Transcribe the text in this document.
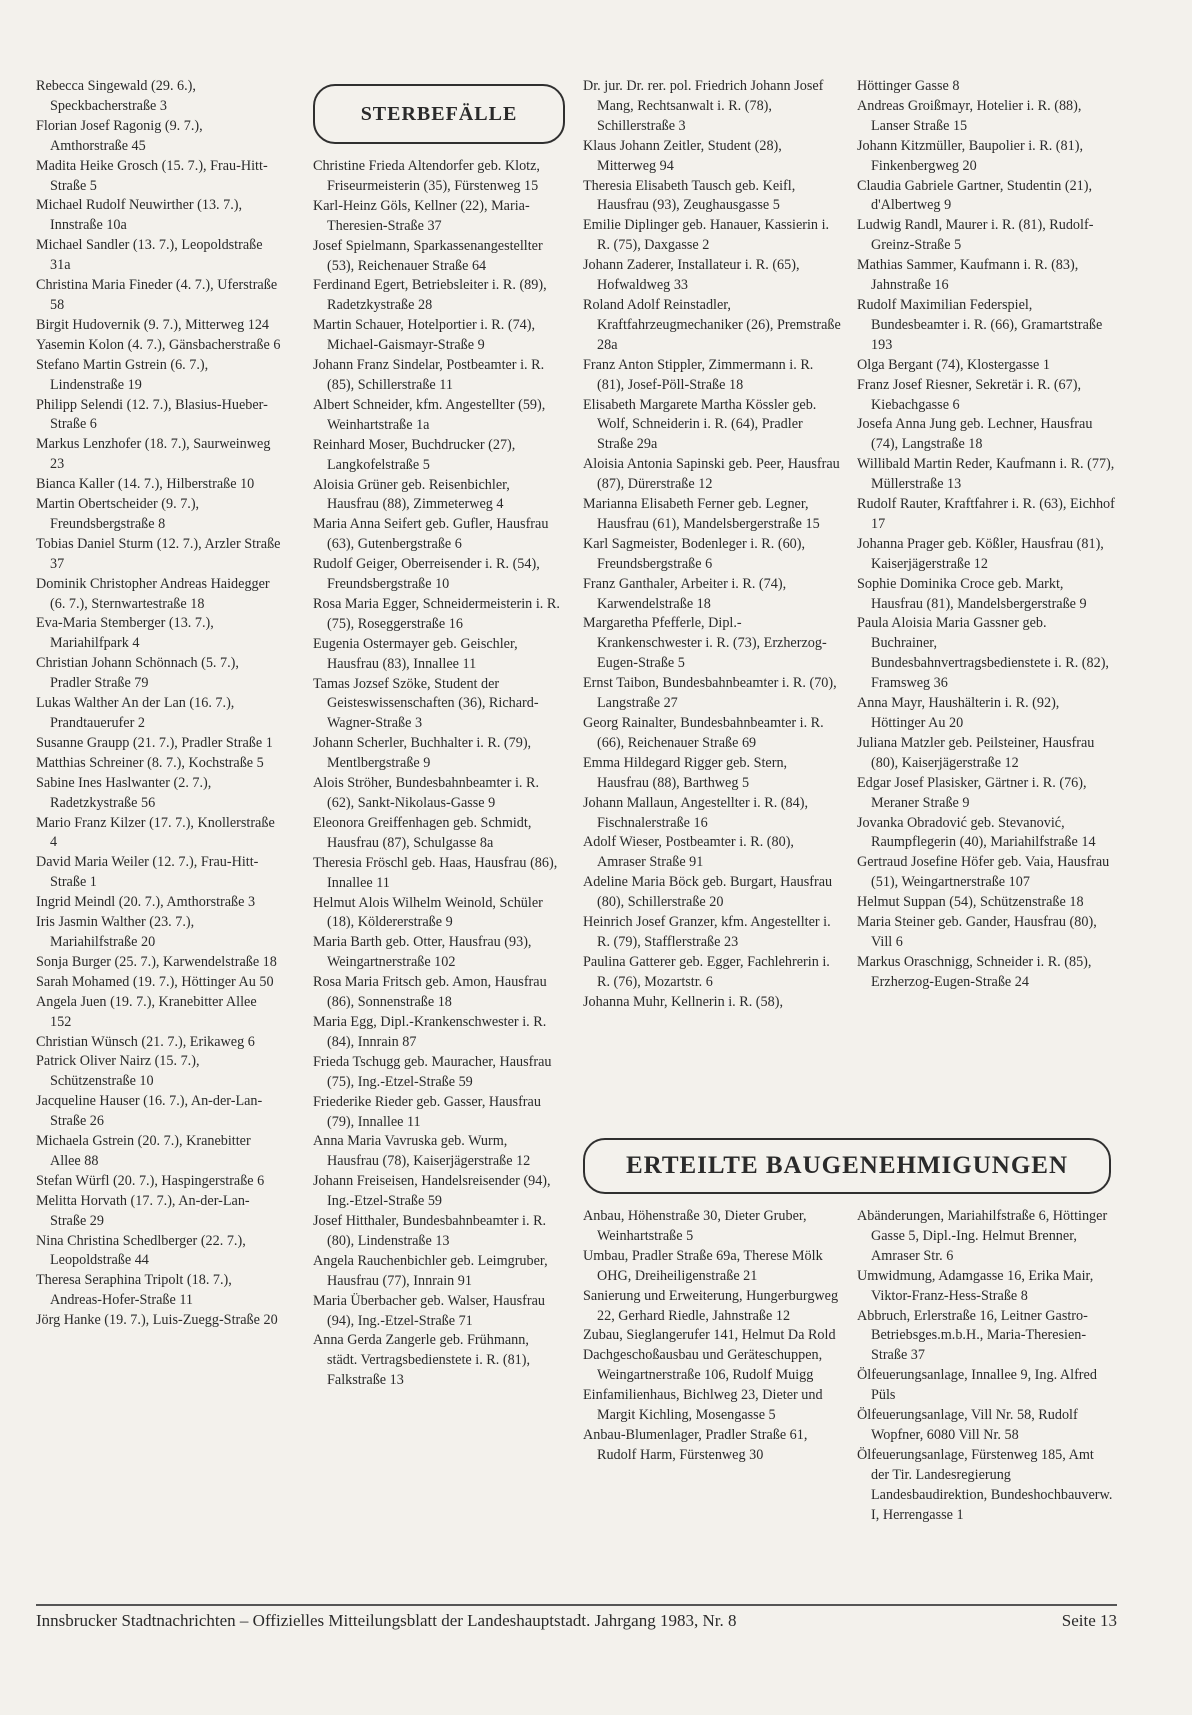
Rebecca Singewald (29. 6.), Speckbacherstraße 3

Florian Josef Ragonig (9. 7.), Amthorstraße 45

Madita Heike Grosch (15. 7.), Frau-Hitt-Straße 5

Michael Rudolf Neuwirther (13. 7.), Innstraße 10a

Michael Sandler (13. 7.), Leopoldstraße 31a

Christina Maria Fineder (4. 7.), Uferstraße 58

Birgit Hudovernik (9. 7.), Mitterweg 124

Yasemin Kolon (4. 7.), Gänsbacherstraße 6

Stefano Martin Gstrein (6. 7.), Lindenstraße 19

Philipp Selendi (12. 7.), Blasius-Hueber-Straße 6

Markus Lenzhofer (18. 7.), Saurweinweg 23

Bianca Kaller (14. 7.), Hilberstraße 10

Martin Obertscheider (9. 7.), Freundsbergstraße 8

Tobias Daniel Sturm (12. 7.), Arzler Straße 37

Dominik Christopher Andreas Haidegger (6. 7.), Sternwartestraße 18

Eva-Maria Stemberger (13. 7.), Mariahilfpark 4

Christian Johann Schönnach (5. 7.), Pradler Straße 79

Lukas Walther An der Lan (16. 7.), Prandtauerufer 2

Susanne Graupp (21. 7.), Pradler Straße 1

Matthias Schreiner (8. 7.), Kochstraße 5

Sabine Ines Haslwanter (2. 7.), Radetzkystraße 56

Mario Franz Kilzer (17. 7.), Knollerstraße 4

David Maria Weiler (12. 7.), Frau-Hitt-Straße 1

Ingrid Meindl (20. 7.), Amthorstraße 3

Iris Jasmin Walther (23. 7.), Mariahilfstraße 20

Sonja Burger (25. 7.), Karwendelstraße 18

Sarah Mohamed (19. 7.), Höttinger Au 50

Angela Juen (19. 7.), Kranebitter Allee 152

Christian Wünsch (21. 7.), Erikaweg 6

Patrick Oliver Nairz (15. 7.), Schützenstraße 10

Jacqueline Hauser (16. 7.), An-der-Lan-Straße 26

Michaela Gstrein (20. 7.), Kranebitter Allee 88

Stefan Würfl (20. 7.), Haspingerstraße 6

Melitta Horvath (17. 7.), An-der-Lan-Straße 29

Nina Christina Schedlberger (22. 7.), Leopoldstraße 44

Theresa Seraphina Tripolt (18. 7.), Andreas-Hofer-Straße 11

Jörg Hanke (19. 7.), Luis-Zuegg-Straße 20

STERBEFÄLLE

Christine Frieda Altendorfer geb. Klotz, Friseurmeisterin (35), Fürstenweg 15

Karl-Heinz Göls, Kellner (22), Maria-Theresien-Straße 37

Josef Spielmann, Sparkassenangestellter (53), Reichenauer Straße 64

Ferdinand Egert, Betriebsleiter i. R. (89), Radetzkystraße 28

Martin Schauer, Hotelportier i. R. (74), Michael-Gaismayr-Straße 9

Johann Franz Sindelar, Postbeamter i. R. (85), Schillerstraße 11

Albert Schneider, kfm. Angestellter (59), Weinhartstraße 1a

Reinhard Moser, Buchdrucker (27), Langkofelstraße 5

Aloisia Grüner geb. Reisenbichler, Hausfrau (88), Zimmeterweg 4

Maria Anna Seifert geb. Gufler, Hausfrau (63), Gutenbergstraße 6

Rudolf Geiger, Oberreisender i. R. (54), Freundsbergstraße 10

Rosa Maria Egger, Schneidermeisterin i. R. (75), Roseggerstraße 16

Eugenia Ostermayer geb. Geischler, Hausfrau (83), Innallee 11

Tamas Jozsef Szöke, Student der Geisteswissenschaften (36), Richard-Wagner-Straße 3

Johann Scherler, Buchhalter i. R. (79), Mentlbergstraße 9

Alois Ströher, Bundesbahnbeamter i. R. (62), Sankt-Nikolaus-Gasse 9

Eleonora Greiffenhagen geb. Schmidt, Hausfrau (87), Schulgasse 8a

Theresia Fröschl geb. Haas, Hausfrau (86), Innallee 11

Helmut Alois Wilhelm Weinold, Schüler (18), Köldererstraße 9

Maria Barth geb. Otter, Hausfrau (93), Weingartnerstraße 102

Rosa Maria Fritsch geb. Amon, Hausfrau (86), Sonnenstraße 18

Maria Egg, Dipl.-Krankenschwester i. R. (84), Innrain 87

Frieda Tschugg geb. Mauracher, Hausfrau (75), Ing.-Etzel-Straße 59

Friederike Rieder geb. Gasser, Hausfrau (79), Innallee 11

Anna Maria Vavruska geb. Wurm, Hausfrau (78), Kaiserjägerstraße 12

Johann Freiseisen, Handelsreisender (94), Ing.-Etzel-Straße 59

Josef Hitthaler, Bundesbahnbeamter i. R. (80), Lindenstraße 13

Angela Rauchenbichler geb. Leimgruber, Hausfrau (77), Innrain 91

Maria Überbacher geb. Walser, Hausfrau (94), Ing.-Etzel-Straße 71

Anna Gerda Zangerle geb. Frühmann, städt. Vertragsbedienstete i. R. (81), Falkstraße 13

Dr. jur. Dr. rer. pol. Friedrich Johann Josef Mang, Rechtsanwalt i. R. (78), Schillerstraße 3

Klaus Johann Zeitler, Student (28), Mitterweg 94

Theresia Elisabeth Tausch geb. Keifl, Hausfrau (93), Zeughausgasse 5

Emilie Diplinger geb. Hanauer, Kassierin i. R. (75), Daxgasse 2

Johann Zaderer, Installateur i. R. (65), Hofwaldweg 33

Roland Adolf Reinstadler, Kraftfahrzeugmechaniker (26), Premstraße 28a

Franz Anton Stippler, Zimmermann i. R. (81), Josef-Pöll-Straße 18

Elisabeth Margarete Martha Kössler geb. Wolf, Schneiderin i. R. (64), Pradler Straße 29a

Aloisia Antonia Sapinski geb. Peer, Hausfrau (87), Dürerstraße 12

Marianna Elisabeth Ferner geb. Legner, Hausfrau (61), Mandelsbergerstraße 15

Karl Sagmeister, Bodenleger i. R. (60), Freundsbergstraße 6

Franz Ganthaler, Arbeiter i. R. (74), Karwendelstraße 18

Margaretha Pfefferle, Dipl.-Krankenschwester i. R. (73), Erzherzog-Eugen-Straße 5

Ernst Taibon, Bundesbahnbeamter i. R. (70), Langstraße 27

Georg Rainalter, Bundesbahnbeamter i. R. (66), Reichenauer Straße 69

Emma Hildegard Rigger geb. Stern, Hausfrau (88), Barthweg 5

Johann Mallaun, Angestellter i. R. (84), Fischnalerstraße 16

Adolf Wieser, Postbeamter i. R. (80), Amraser Straße 91

Adeline Maria Böck geb. Burgart, Hausfrau (80), Schillerstraße 20

Heinrich Josef Granzer, kfm. Angestellter i. R. (79), Stafflerstraße 23

Paulina Gatterer geb. Egger, Fachlehrerin i. R. (76), Mozartstr. 6

Johanna Muhr, Kellnerin i. R. (58),

Höttinger Gasse 8

Andreas Groißmayr, Hotelier i. R. (88), Lanser Straße 15

Johann Kitzmüller, Baupolier i. R. (81), Finkenbergweg 20

Claudia Gabriele Gartner, Studentin (21), d'Albertweg 9

Ludwig Randl, Maurer i. R. (81), Rudolf-Greinz-Straße 5

Mathias Sammer, Kaufmann i. R. (83), Jahnstraße 16

Rudolf Maximilian Federspiel, Bundesbeamter i. R. (66), Gramartstraße 193

Olga Bergant (74), Klostergasse 1

Franz Josef Riesner, Sekretär i. R. (67), Kiebachgasse 6

Josefa Anna Jung geb. Lechner, Hausfrau (74), Langstraße 18

Willibald Martin Reder, Kaufmann i. R. (77), Müllerstraße 13

Rudolf Rauter, Kraftfahrer i. R. (63), Eichhof 17

Johanna Prager geb. Kößler, Hausfrau (81), Kaiserjägerstraße 12

Sophie Dominika Croce geb. Markt, Hausfrau (81), Mandelsbergerstraße 9

Paula Aloisia Maria Gassner geb. Buchrainer, Bundesbahnvertragsbedienstete i. R. (82), Framsweg 36

Anna Mayr, Haushälterin i. R. (92), Höttinger Au 20

Juliana Matzler geb. Peilsteiner, Hausfrau (80), Kaiserjägerstraße 12

Edgar Josef Plasisker, Gärtner i. R. (76), Meraner Straße 9

Jovanka Obradović geb. Stevanović, Raumpflegerin (40), Mariahilfstraße 14

Gertraud Josefine Höfer geb. Vaia, Hausfrau (51), Weingartnerstraße 107

Helmut Suppan (54), Schützenstraße 18

Maria Steiner geb. Gander, Hausfrau (80), Vill 6

Markus Oraschnigg, Schneider i. R. (85), Erzherzog-Eugen-Straße 24

ERTEILTE BAUGENEHMIGUNGEN

Anbau, Höhenstraße 30, Dieter Gruber, Weinhartstraße 5

Umbau, Pradler Straße 69a, Therese Mölk OHG, Dreiheiligenstraße 21

Sanierung und Erweiterung, Hungerburgweg 22, Gerhard Riedle, Jahnstraße 12

Zubau, Sieglangerufer 141, Helmut Da Rold

Dachgeschoßausbau und Geräteschuppen, Weingartnerstraße 106, Rudolf Muigg

Einfamilienhaus, Bichlweg 23, Dieter und Margit Kichling, Mosengasse 5

Anbau-Blumenlager, Pradler Straße 61, Rudolf Harm, Fürstenweg 30

Abänderungen, Mariahilfstraße 6, Höttinger Gasse 5, Dipl.-Ing. Helmut Brenner, Amraser Str. 6

Umwidmung, Adamgasse 16, Erika Mair, Viktor-Franz-Hess-Straße 8

Abbruch, Erlerstraße 16, Leitner Gastro-Betriebsges.m.b.H., Maria-Theresien-Straße 37

Ölfeuerungsanlage, Innallee 9, Ing. Alfred Püls

Ölfeuerungsanlage, Vill Nr. 58, Rudolf Wopfner, 6080 Vill Nr. 58

Ölfeuerungsanlage, Fürstenweg 185, Amt der Tir. Landesregierung Landesbaudirektion, Bundeshochbauverw. I, Herrengasse 1

Innsbrucker Stadtnachrichten – Offizielles Mitteilungsblatt der Landeshauptstadt. Jahrgang 1983, Nr. 8	Seite 13
